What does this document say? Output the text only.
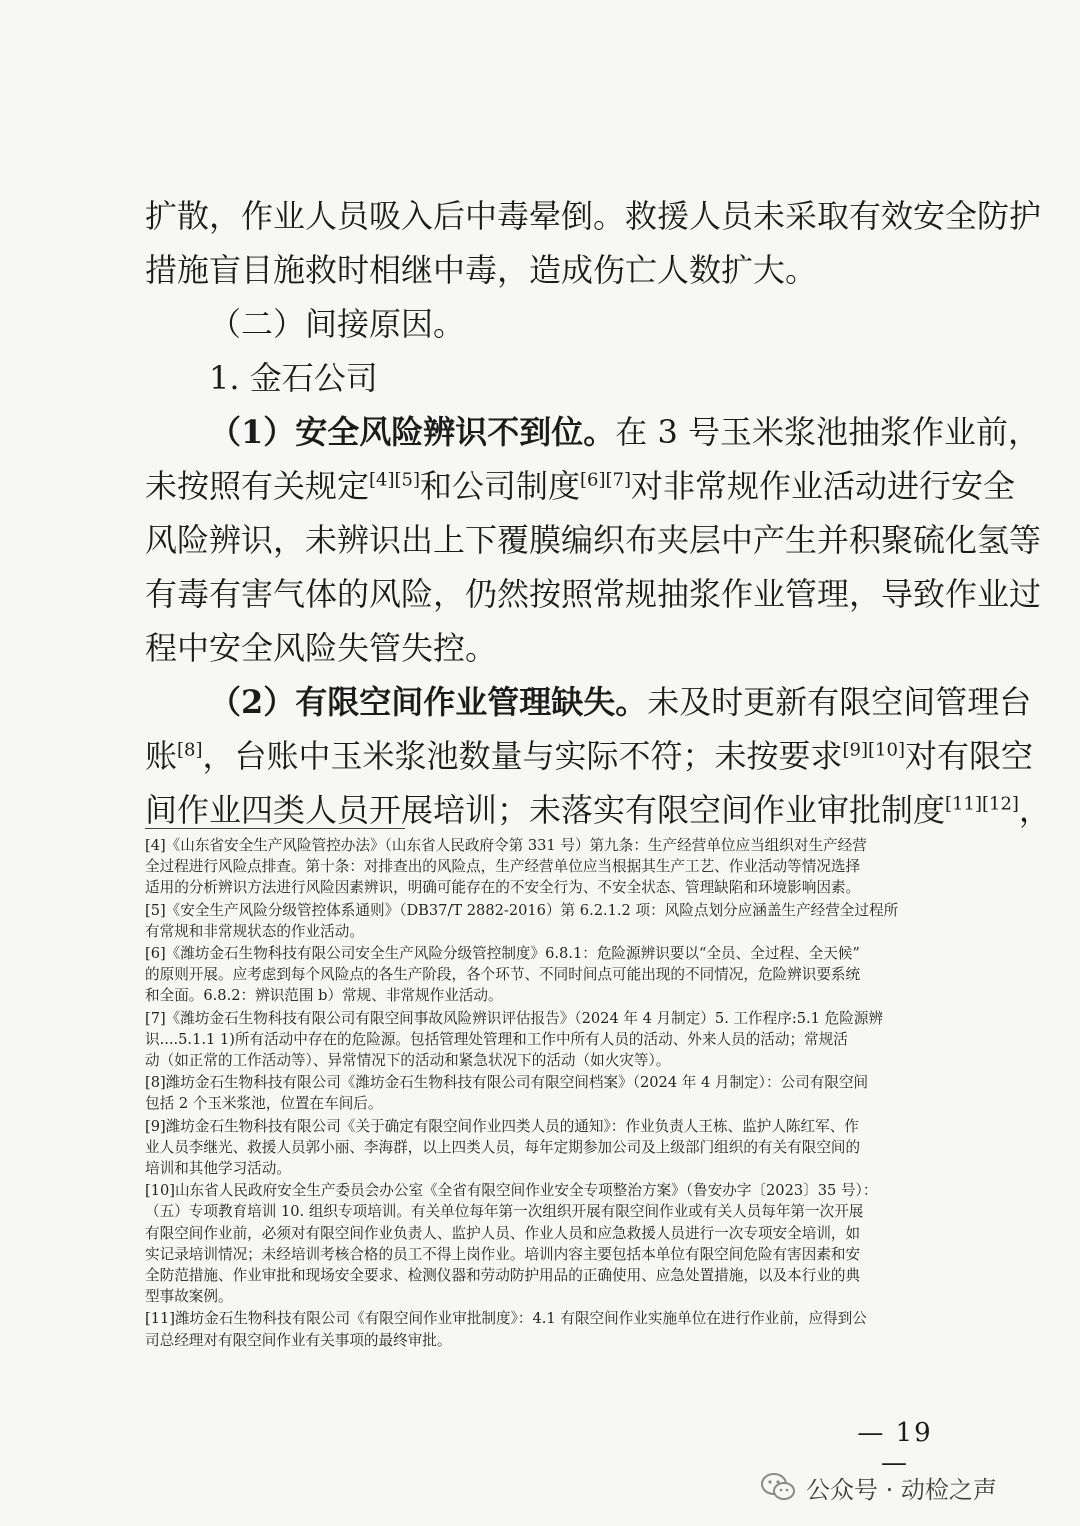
扩散，作业人员吸入后中毒晕倒。救援人员未采取有效安全防护
措施盲目施救时相继中毒，造成伤亡人数扩大。

（二）间接原因。

1. 金石公司

（1）安全风险辨识不到位。在 3 号玉米浆池抽浆作业前，
未按照有关规定[4][5]和公司制度[6][7]对非常规作业活动进行安全
风险辨识，未辨识出上下覆膜编织布夹层中产生并积聚硫化氢等
有毒有害气体的风险，仍然按照常规抽浆作业管理，导致作业过
程中安全风险失管失控。

（2）有限空间作业管理缺失。未及时更新有限空间管理台
账[8]，台账中玉米浆池数量与实际不符；未按要求[9][10]对有限空
间作业四类人员开展培训；未落实有限空间作业审批制度[11][12]，

[4]《山东省安全生产风险管控办法》（山东省人民政府令第 331 号）第九条：生产经营单位应当组织对生产经营
全过程进行风险点排查。第十条：对排查出的风险点，生产经营单位应当根据其生产工艺、作业活动等情况选择
适用的分析辨识方法进行风险因素辨识，明确可能存在的不安全行为、不安全状态、管理缺陷和环境影响因素。
[5]《安全生产风险分级管控体系通则》（DB37/T 2882-2016）第 6.2.1.2 项：风险点划分应涵盖生产经营全过程所
有常规和非常规状态的作业活动。
[6]《潍坊金石生物科技有限公司安全生产风险分级管控制度》6.8.1：危险源辨识要以“全员、全过程、全天候”
的原则开展。应考虑到每个风险点的各生产阶段，各个环节、不同时间点可能出现的不同情况，危险辨识要系统
和全面。6.8.2：辨识范围 b）常规、非常规作业活动。
[7]《潍坊金石生物科技有限公司有限空间事故风险辨识评估报告》（2024 年 4 月制定）5. 工作程序:5.1 危险源辨
识....5.1.1 1)所有活动中存在的危险源。包括管理处管理和工作中所有人员的活动、外来人员的活动；常规活
动（如正常的工作活动等）、异常情况下的活动和紧急状况下的活动（如火灾等）。
[8]潍坊金石生物科技有限公司《潍坊金石生物科技有限公司有限空间档案》（2024 年 4 月制定）：公司有限空间
包括 2 个玉米浆池，位置在车间后。
[9]潍坊金石生物科技有限公司《关于确定有限空间作业四类人员的通知》：作业负责人王栋、监护人陈红军、作
业人员李继光、救援人员郭小丽、李海群，以上四类人员，每年定期参加公司及上级部门组织的有关有限空间的
培训和其他学习活动。
[10]山东省人民政府安全生产委员会办公室《全省有限空间作业安全专项整治方案》（鲁安办字〔2023〕35 号）：
（五）专项教育培训 10. 组织专项培训。有关单位每年第一次组织开展有限空间作业或有关人员每年第一次开展
有限空间作业前，必须对有限空间作业负责人、监护人员、作业人员和应急救援人员进行一次专项安全培训，如
实记录培训情况；未经培训考核合格的员工不得上岗作业。培训内容主要包括本单位有限空间危险有害因素和安
全防范措施、作业审批和现场安全要求、检测仪器和劳动防护用品的正确使用、应急处置措施，以及本行业的典
型事故案例。
[11]潍坊金石生物科技有限公司《有限空间作业审批制度》：4.1 有限空间作业实施单位在进行作业前，应得到公
司总经理对有限空间作业有关事项的最终审批。
— 19 —
公众号 · 动检之声
